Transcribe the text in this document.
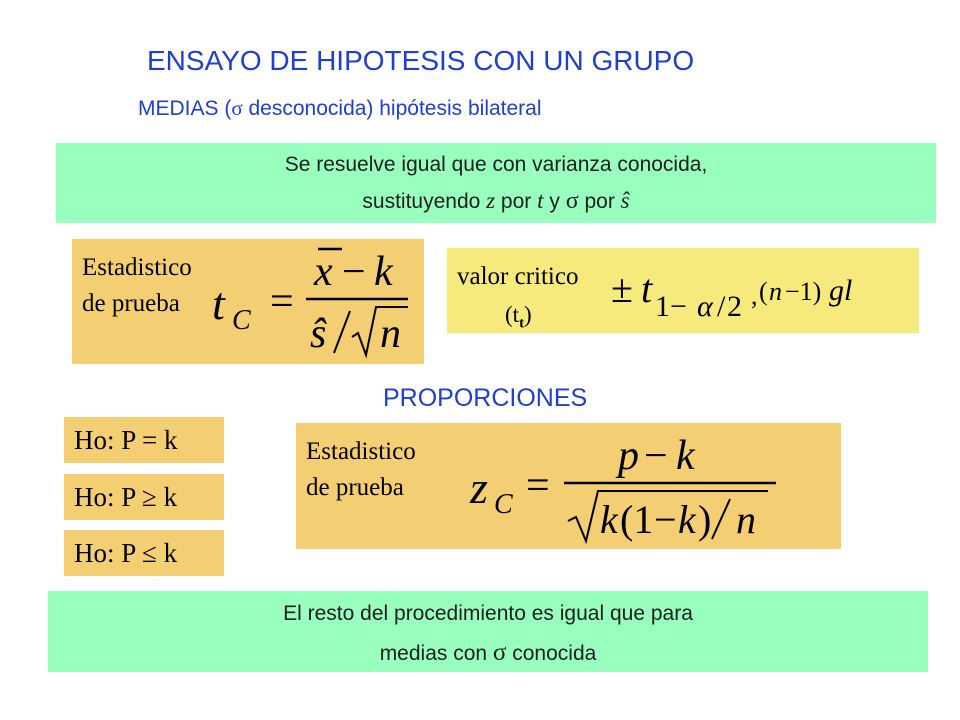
ENSAYO DE HIPOTESIS CON UN GRUPO
MEDIAS (σ desconocida) hipótesis bilateral
Se resuelve igual que con varianza conocida,
sustituyendo z por t y σ por ŝ
Estadistico
de prueba t C =
x − k
ŝ n
valor critico
$(t_t)$
± t 1− α / 2 , ( n −1) gl
PROPORCIONES
Ho: P = k
Ho: P ≥ k
Ho: P ≤ k
Estadistico
de prueba z C =
p − k
k (1 − k ) n
El resto del procedimiento es igual que para
medias con σ conocida
